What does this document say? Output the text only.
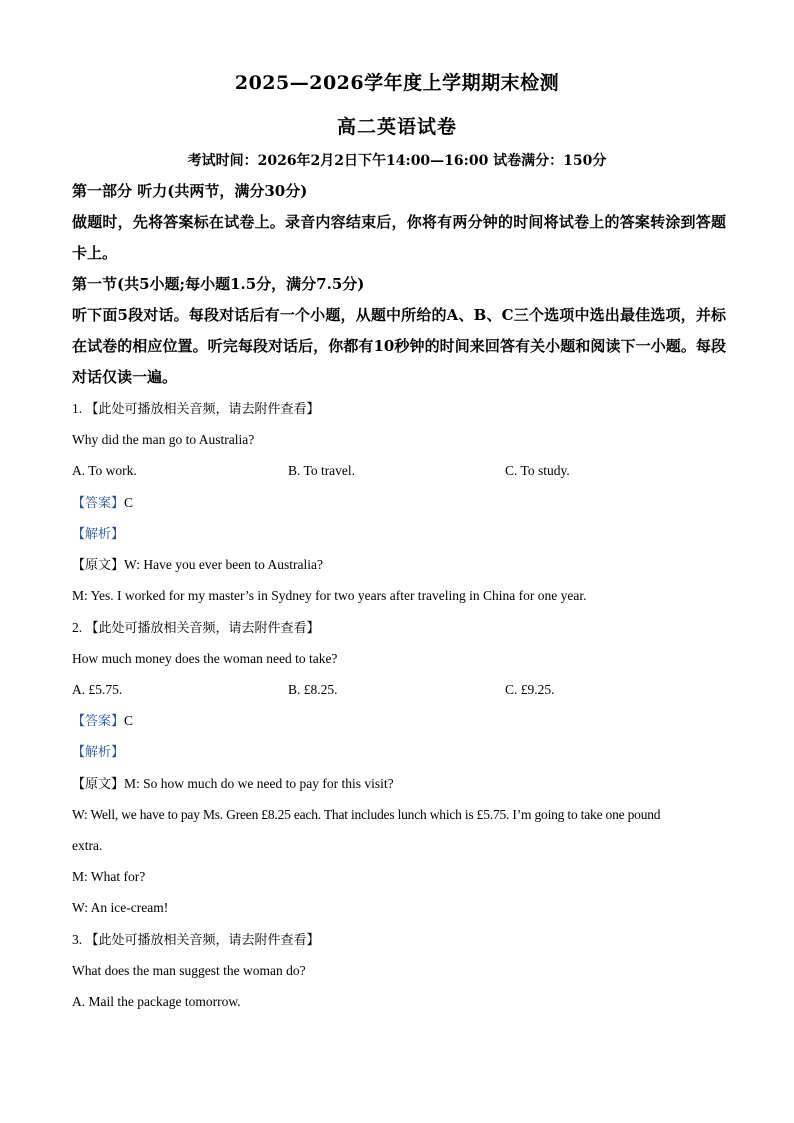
2025—2026学年度上学期期末检测
高二英语试卷
考试时间：2026年2月2日下午14:00—16:00 试卷满分：150分
第一部分 听力(共两节，满分30分)
做题时，先将答案标在试卷上。录音内容结束后，你将有两分钟的时间将试卷上的答案转涂到答题卡上。
第一节(共5小题;每小题1.5分，满分7.5分)
听下面5段对话。每段对话后有一个小题，从题中所给的A、B、C三个选项中选出最佳选项，并标在试卷的相应位置。听完每段对话后，你都有10秒钟的时间来回答有关小题和阅读下一小题。每段对话仅读一遍。
1. 【此处可播放相关音频，请去附件查看】
Why did the man go to Australia?
A. To work.	B. To travel.	C. To study.
【答案】C
【解析】
【原文】W: Have you ever been to Australia?
M: Yes. I worked for my master’s in Sydney for two years after traveling in China for one year.
2. 【此处可播放相关音频，请去附件查看】
How much money does the woman need to take?
A. £5.75.	B. £8.25.	C. £9.25.
【答案】C
【解析】
【原文】M: So how much do we need to pay for this visit?
W: Well, we have to pay Ms. Green £8.25 each. That includes lunch which is £5.75. I’m going to take one pound
extra.
M: What for?
W: An ice-cream!
3. 【此处可播放相关音频，请去附件查看】
What does the man suggest the woman do?
A. Mail the package tomorrow.
